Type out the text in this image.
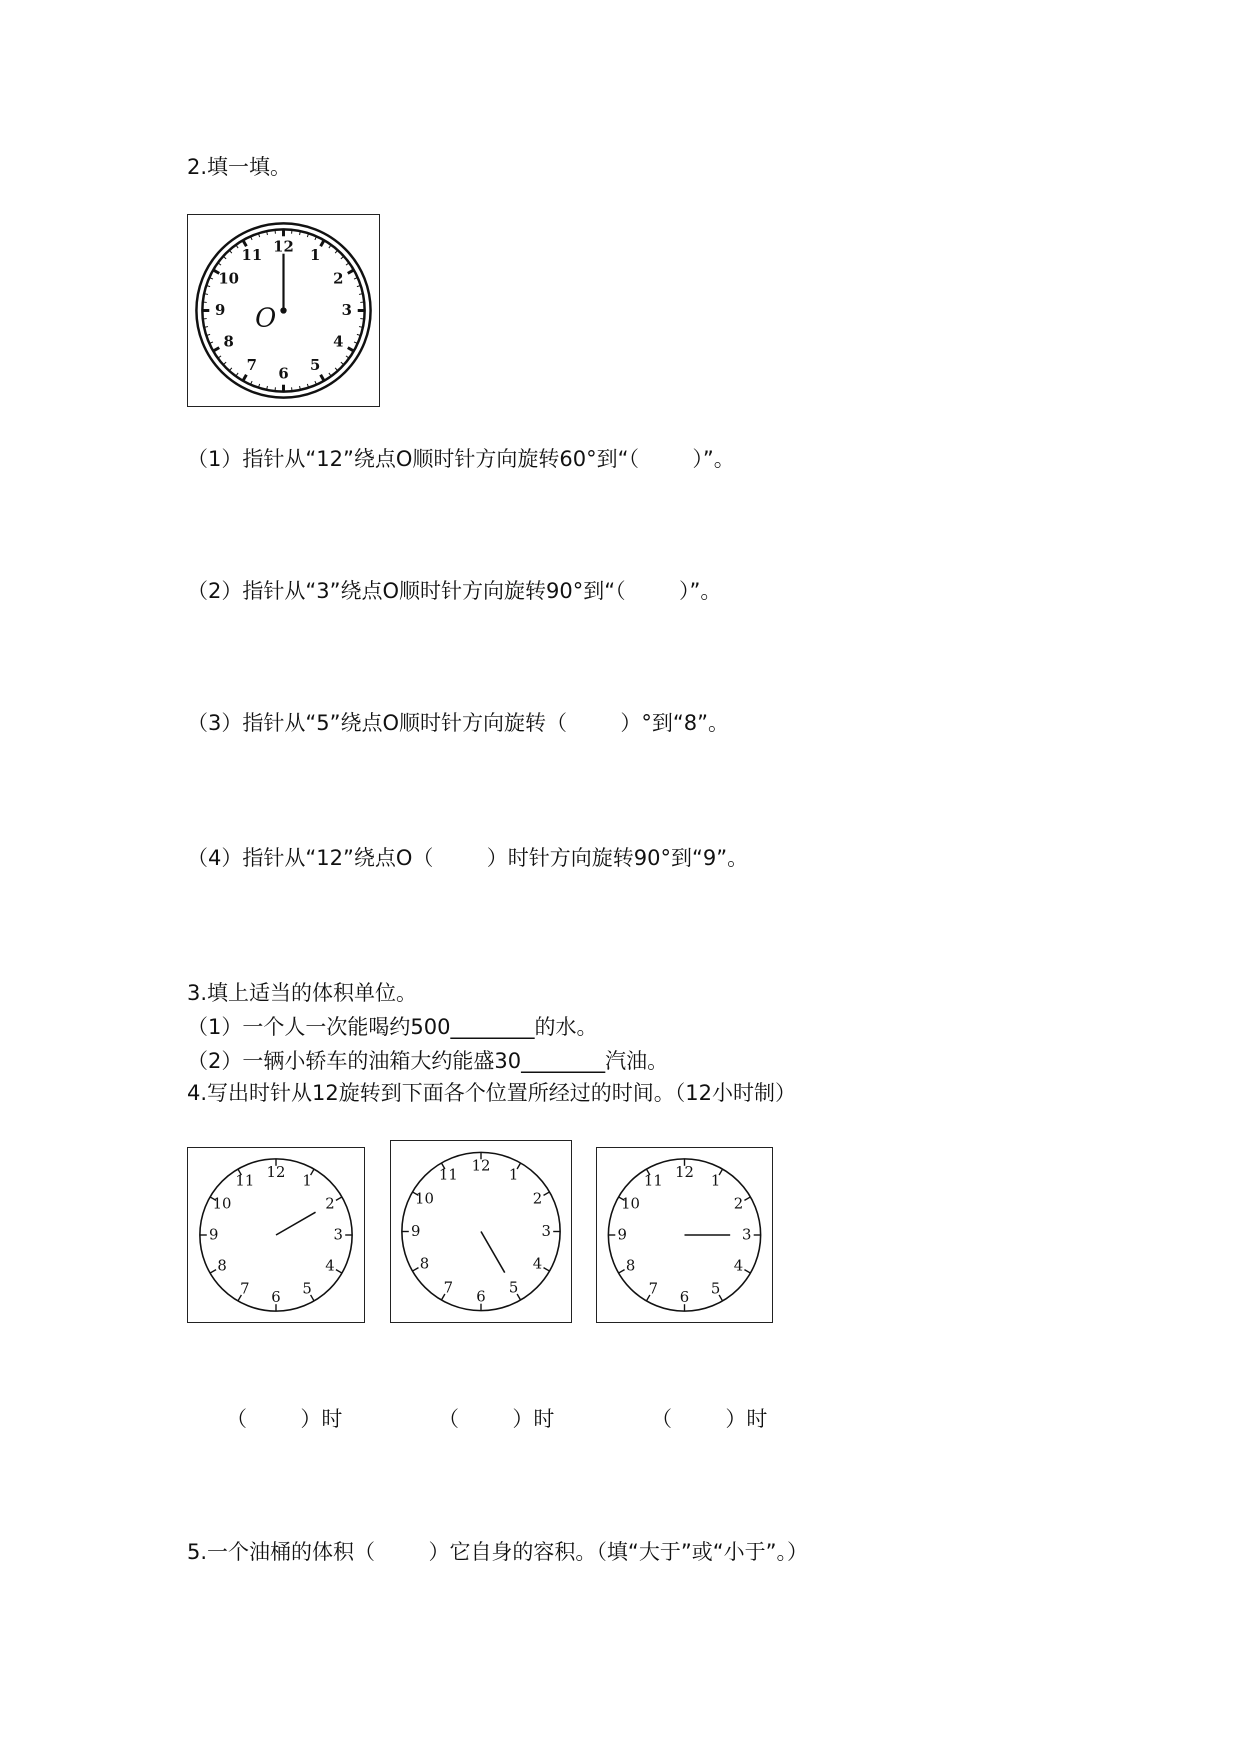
2.填一填。
12 1
2
3
4
5
6
7
8
9
10
11
O
（1）指针从“12”绕点O顺时针方向旋转60°到“（        ）”。
（2）指针从“3”绕点O顺时针方向旋转90°到“（        ）”。
（3）指针从“5”绕点O顺时针方向旋转（        ）°到“8”。
（4）指针从“12”绕点O（        ）时针方向旋转90°到“9”。
3.填上适当的体积单位。
（1）一个人一次能喝约500________的水。
（2）一辆小轿车的油箱大约能盛30________汽油。
4.写出时针从12旋转到下面各个位置所经过的时间。（12小时制）
12 1
2
3
4
5
6
7
8
9
10
11
12
1
2
3
4
5
6
7
8
9
10
11	12 1
2
3
4
5
6
7
8
9
10
11
（        ）时	（        ）时	（        ）时
5.一个油桶的体积（        ）它自身的容积。（填“大于”或“小于”。）
